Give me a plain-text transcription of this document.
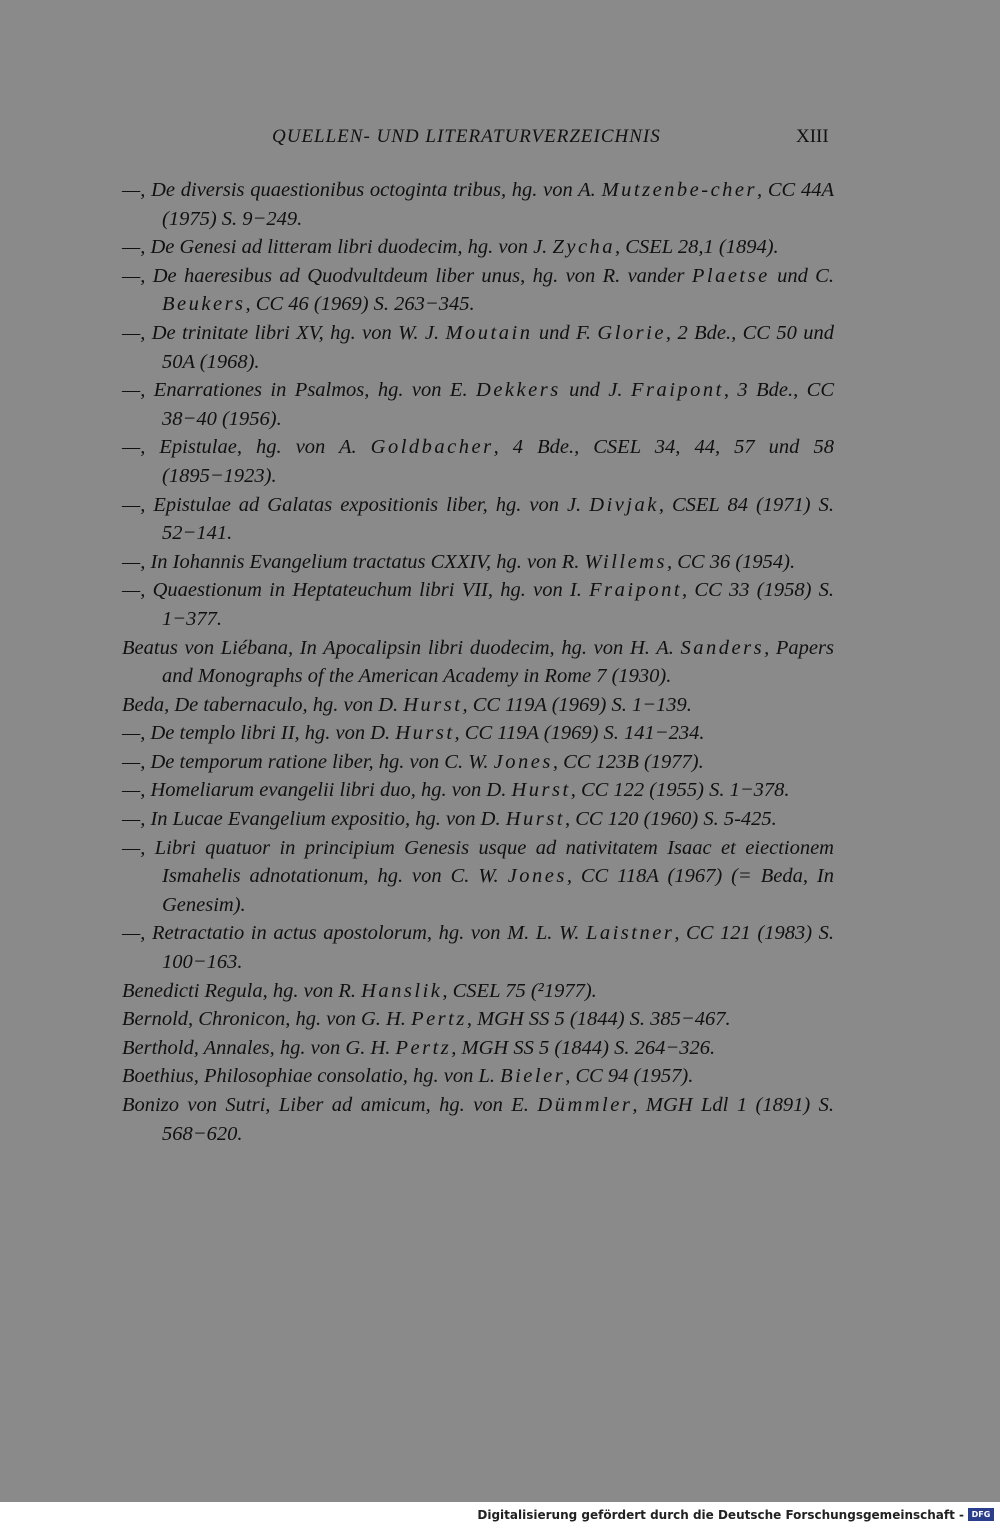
QUELLEN- UND LITERATURVERZEICHNIS	XIII
—, De diversis quaestionibus octoginta tribus, hg. von A. Mutzenbe-cher, CC 44A (1975) S. 9−249.
—, De Genesi ad litteram libri duodecim, hg. von J. Zycha, CSEL 28,1 (1894).
—, De haeresibus ad Quodvultdeum liber unus, hg. von R. vander Plaetse und C. Beukers, CC 46 (1969) S. 263−345.
—, De trinitate libri XV, hg. von W. J. Moutain und F. Glorie, 2 Bde., CC 50 und 50A (1968).
—, Enarrationes in Psalmos, hg. von E. Dekkers und J. Fraipont, 3 Bde., CC 38−40 (1956).
—, Epistulae, hg. von A. Goldbacher, 4 Bde., CSEL 34, 44, 57 und 58 (1895−1923).
—, Epistulae ad Galatas expositionis liber, hg. von J. Divjak, CSEL 84 (1971) S. 52−141.
—, In Iohannis Evangelium tractatus CXXIV, hg. von R. Willems, CC 36 (1954).
—, Quaestionum in Heptateuchum libri VII, hg. von I. Fraipont, CC 33 (1958) S. 1−377.
Beatus von Liébana, In Apocalipsin libri duodecim, hg. von H. A. Sanders, Papers and Monographs of the American Academy in Rome 7 (1930).
Beda, De tabernaculo, hg. von D. Hurst, CC 119A (1969) S. 1−139.
—, De templo libri II, hg. von D. Hurst, CC 119A (1969) S. 141−234.
—, De temporum ratione liber, hg. von C. W. Jones, CC 123B (1977).
—, Homeliarum evangelii libri duo, hg. von D. Hurst, CC 122 (1955) S. 1−378.
—, In Lucae Evangelium expositio, hg. von D. Hurst, CC 120 (1960) S. 5-425.
—, Libri quatuor in principium Genesis usque ad nativitatem Isaac et eiectionem Ismahelis adnotationum, hg. von C. W. Jones, CC 118A (1967) (= Beda, In Genesim).
—, Retractatio in actus apostolorum, hg. von M. L. W. Laistner, CC 121 (1983) S. 100−163.
Benedicti Regula, hg. von R. Hanslik, CSEL 75 (²1977).
Bernold, Chronicon, hg. von G. H. Pertz, MGH SS 5 (1844) S. 385−467.
Berthold, Annales, hg. von G. H. Pertz, MGH SS 5 (1844) S. 264−326.
Boethius, Philosophiae consolatio, hg. von L. Bieler, CC 94 (1957).
Bonizo von Sutri, Liber ad amicum, hg. von E. Dümmler, MGH Ldl 1 (1891) S. 568−620.
Digitalisierung gefördert durch die Deutsche Forschungsgemeinschaft - DFG
